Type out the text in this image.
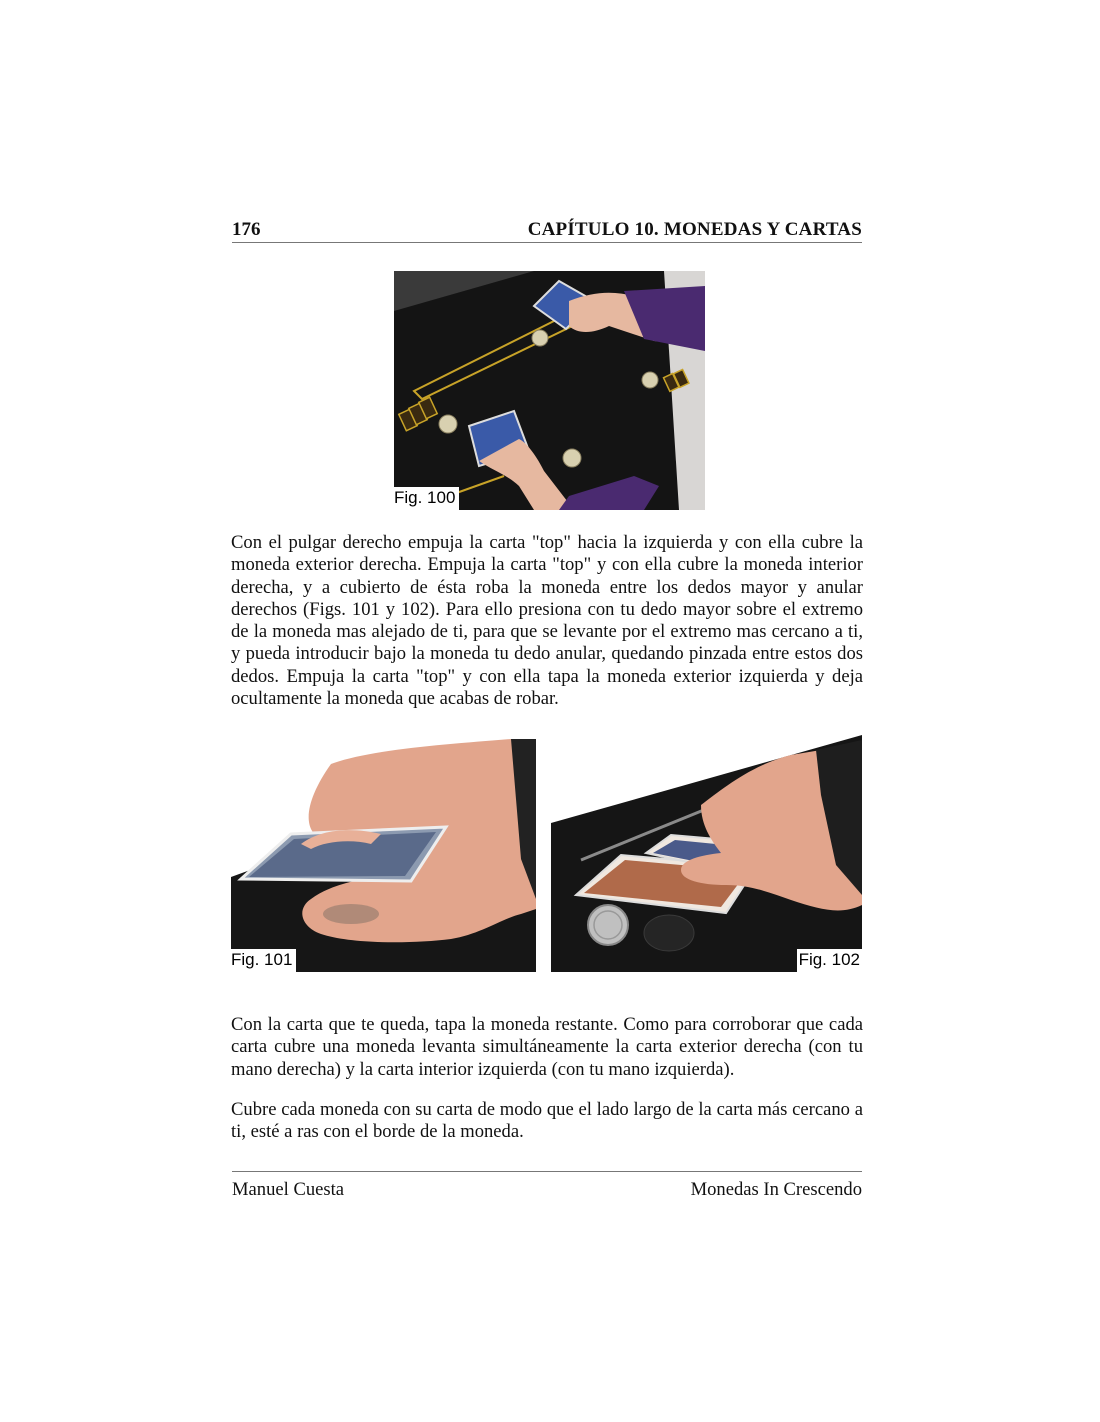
176	CAPÍTULO 10. MONEDAS Y CARTAS
Fig. 100
Con el pulgar derecho empuja la carta "top" hacia la izquierda y con ella cubre la moneda exterior derecha. Empuja la carta "top" y con ella cubre la moneda interior derecha, y a cubierto de ésta roba la moneda entre los dedos mayor y anular derechos (Figs. 101 y 102). Para ello presiona con tu dedo mayor sobre el extremo de la moneda mas alejado de ti, para que se levante por el extremo mas cercano a ti, y pueda introducir bajo la moneda tu dedo anular, quedando pinzada entre estos dos dedos. Empuja la carta "top" y con ella tapa la moneda exterior izquierda y deja ocultamente la moneda que acabas de robar.
Fig. 101	Fig. 102
Con la carta que te queda, tapa la moneda restante. Como para corroborar que cada carta cubre una moneda levanta simultáneamente la carta exterior derecha (con tu mano derecha) y la carta interior izquierda (con tu mano izquierda).
Cubre cada moneda con su carta de modo que el lado largo de la carta más cercano a ti, esté a ras con el borde de la moneda.
Manuel Cuesta	Monedas In Crescendo
